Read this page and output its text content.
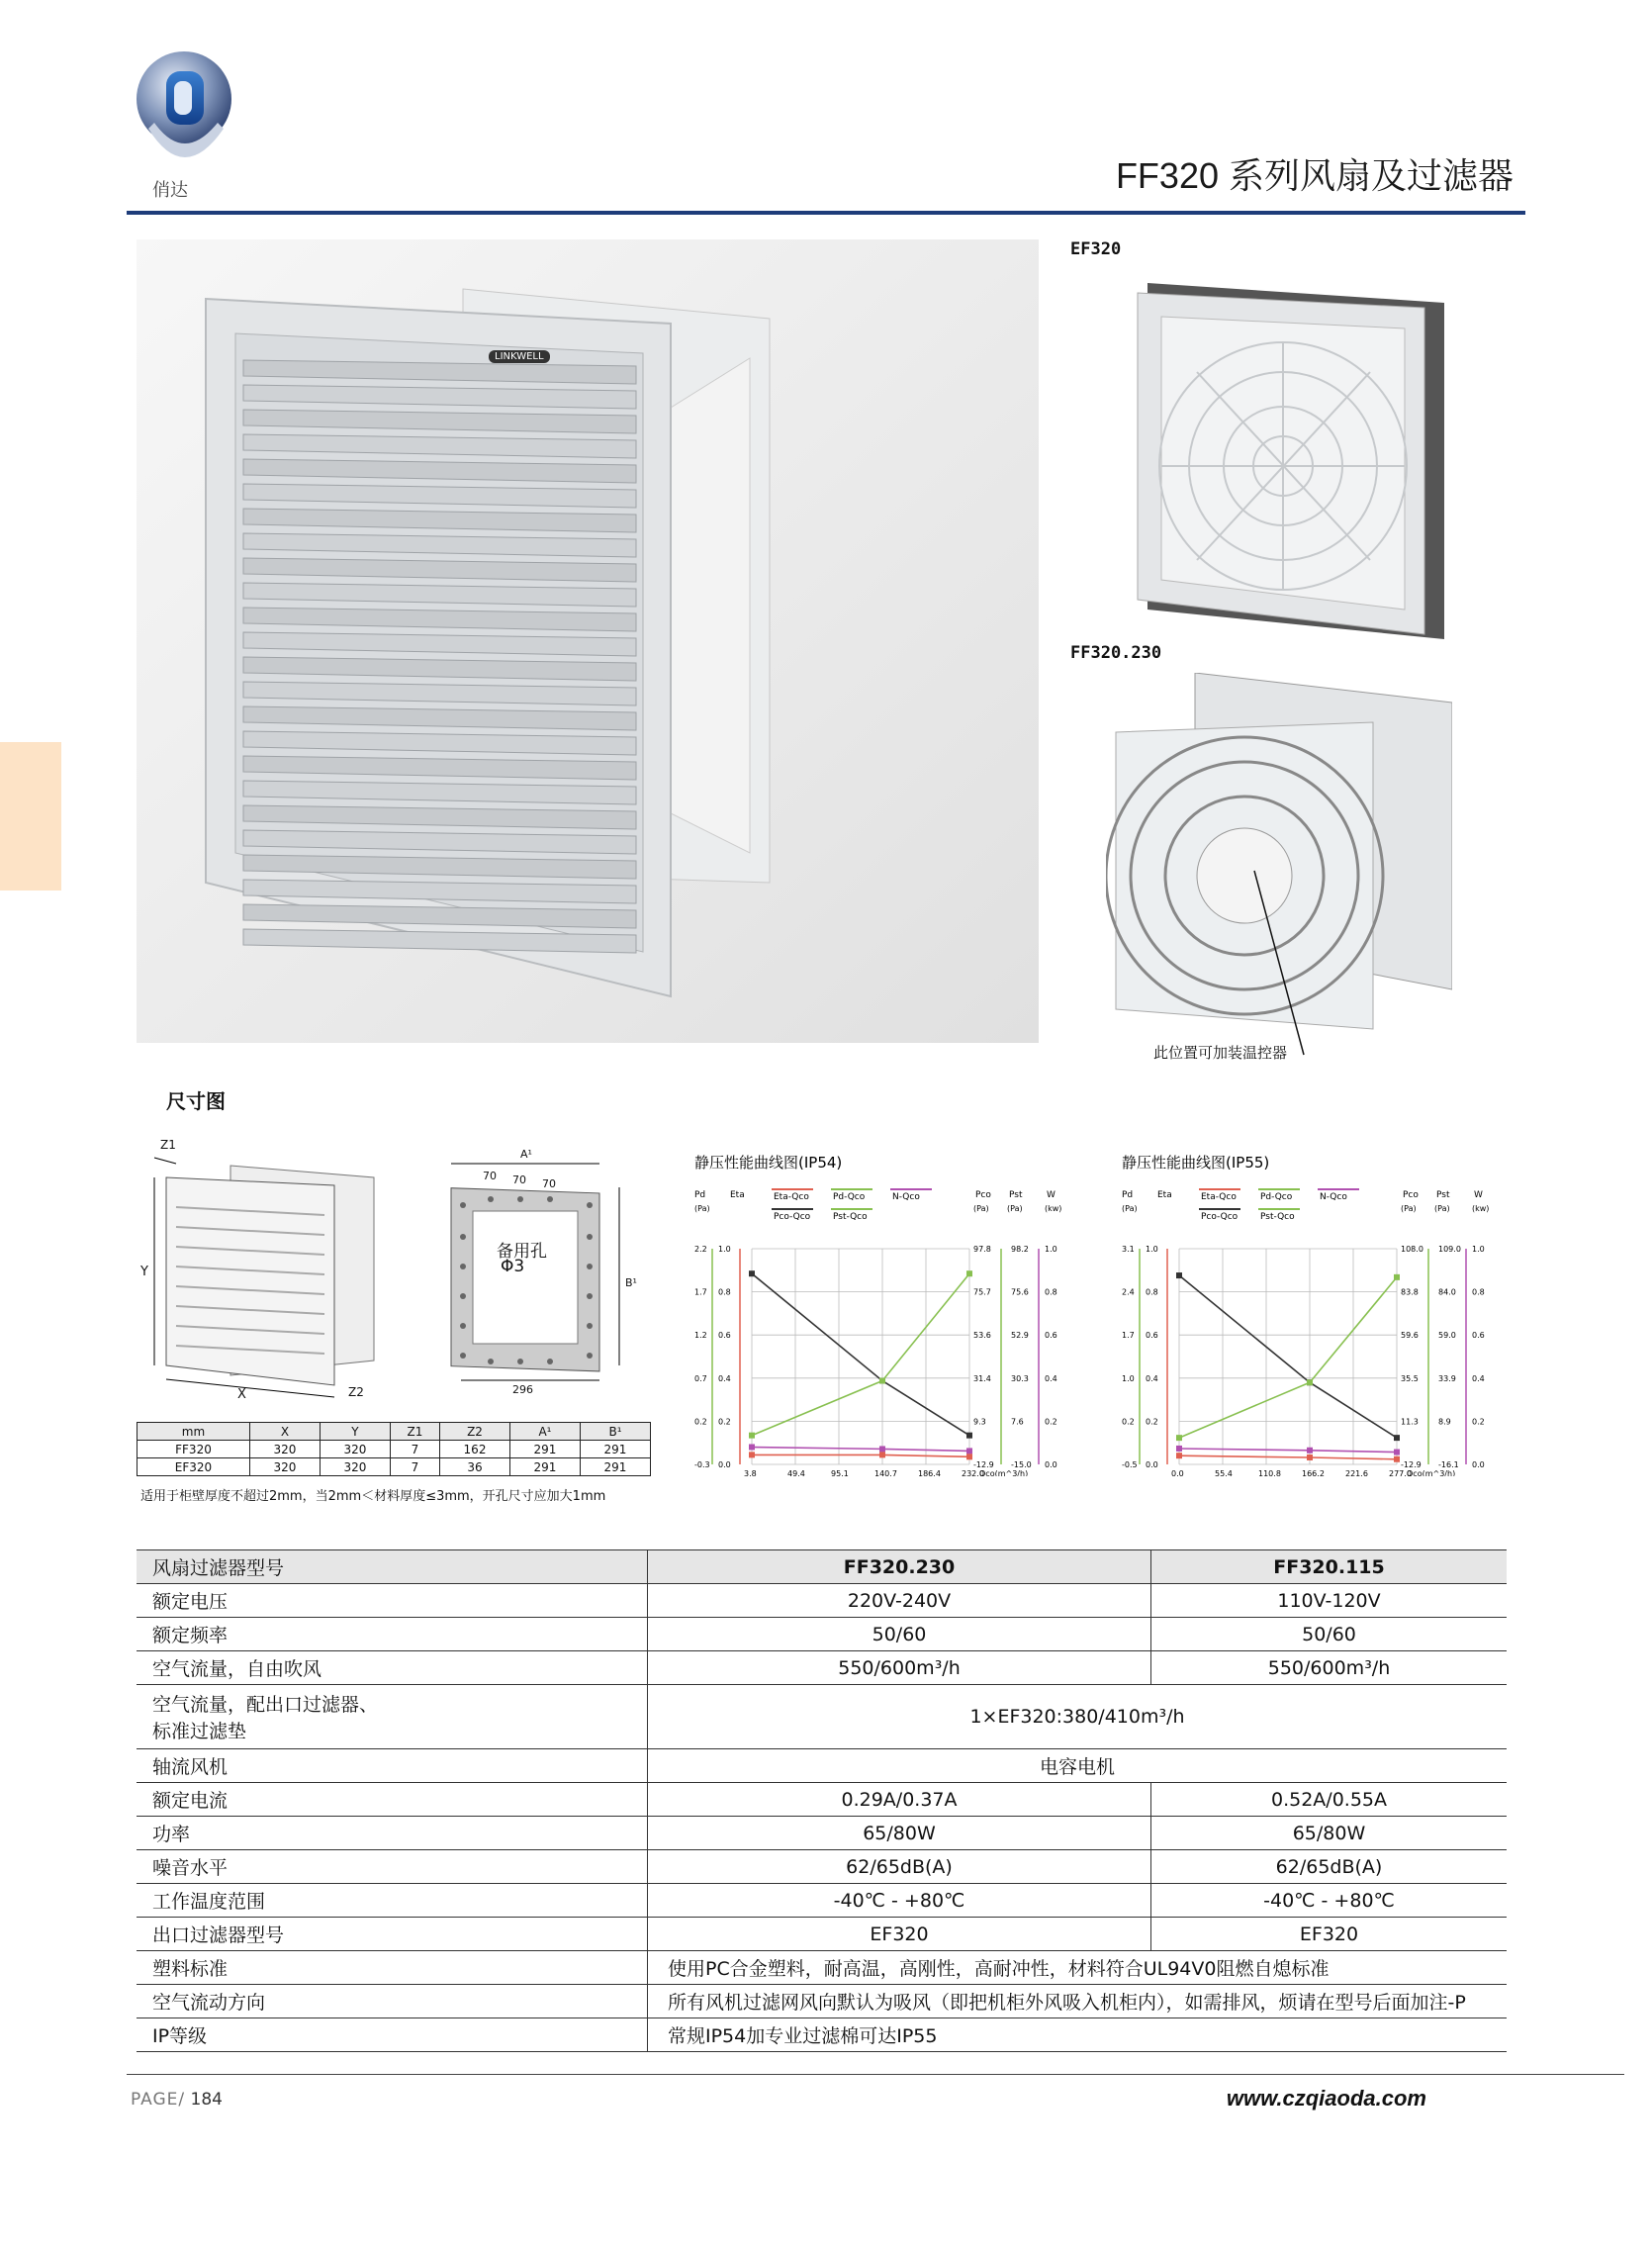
俏达	FF320 系列风扇及过滤器
LINKWELL
EF320
FF320.230
此位置可加装温控器
尺寸图
Z1
Y
X	Z2
A¹
70 70 70
备用孔
Φ3
B¹
296
mm	X	Y	Z1	Z2	A¹	B¹
FF320	320	320	7	162	291	291
EF320	320	320	7	36	291	291
适用于柜壁厚度不超过2mm，当2mm＜材料厚度≤3mm，开孔尺寸应加大1mm
静压性能曲线图(IP54)
Eta-Qco	Pd-Qco	N-Qco
Pco-Qco	Pst-Qco
Pd
(Pa)
Eta	Pco
(Pa)
Pst
(Pa)
W
(kw)
3.8	49.4	95.1	140.7	186.4	232.0
2.2 1.0	97.8	98.2 1.0
1.7 0.8	75.7	75.6 0.8
1.2 0.6	53.6	52.9 0.6
0.7 0.4	31.4	30.3 0.4
0.2 0.2	9.3	7.6	0.2
-0.3 0.0	-12.9 -15.0 0.0
Qco(m^3/h)
静压性能曲线图(IP55)
Eta-Qco	Pd-Qco	N-Qco
Pco-Qco	Pst-Qco
Pd
(Pa)
Eta	Pco
(Pa)
Pst
(Pa)
W
(kw)
0.0	55.4	110.8	166.2	221.6	277.0
3.1 1.0	108.0 109.0 1.0
2.4 0.8	83.8	84.0 0.8
1.7 0.6	59.6	59.0 0.6
1.0 0.4	35.5	33.9 0.4
0.2 0.2	11.3	8.9	0.2
-0.5 0.0	-12.9 -16.1 0.0
Qco(m^3/h)
风扇过滤器型号	FF320.230	FF320.115
额定电压	220V-240V	110V-120V
额定频率	50/60	50/60
空气流量，自由吹风	550/600m³/h	550/600m³/h

空气流量，配出口过滤器、
标准过滤垫	1×EF320:380/410m³/h	
轴流风机	电容电机	
额定电流	0.29A/0.37A	0.52A/0.55A
功率	65/80W	65/80W
噪音水平	62/65dB(A)	62/65dB(A)
工作温度范围	-40℃ - +80℃	-40℃ - +80℃
出口过滤器型号	EF320	EF320
塑料标准	使用PC合金塑料，耐高温，高刚性，高耐冲性，材料符合UL94V0阻燃自熄标准	
空气流动方向	所有风机过滤网风向默认为吸风（即把机柜外风吸入机柜内），如需排风，烦请在型号后面加注-P	
IP等级	常规IP54加专业过滤棉可达IP55	
PAGE/ 184	www.czqiaoda.com
